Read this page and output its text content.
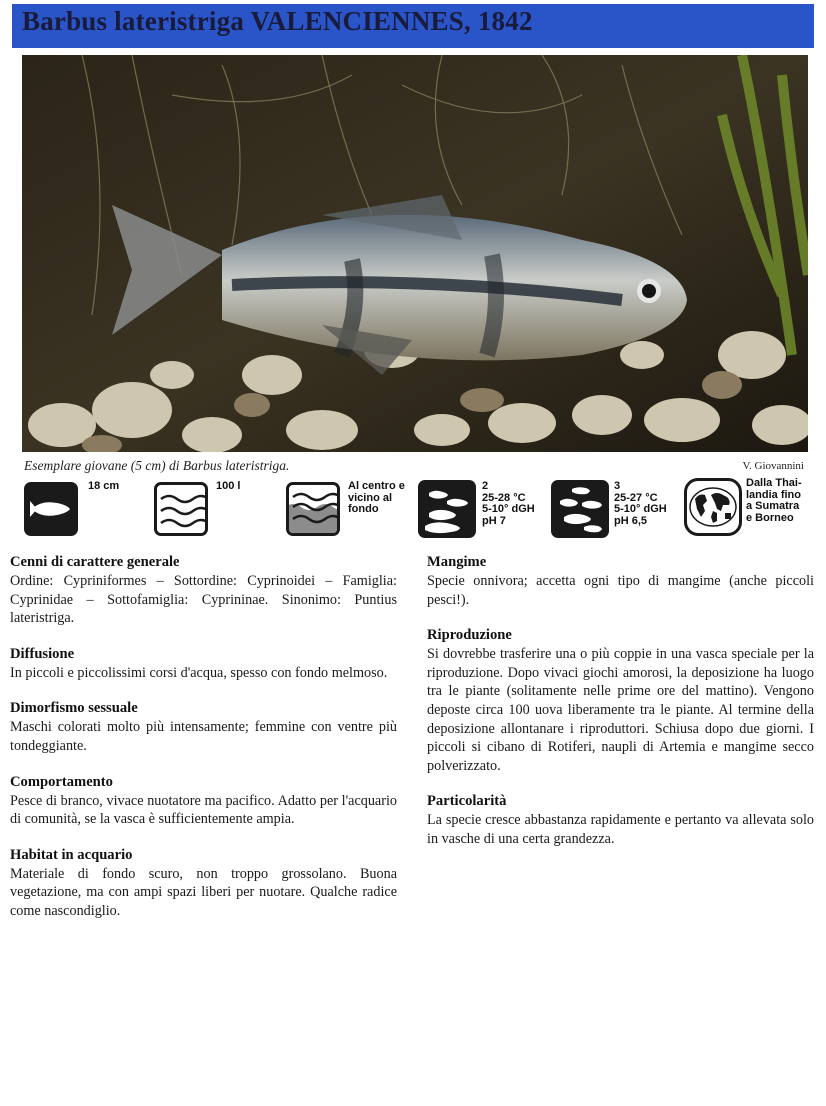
Barbus lateristriga VALENCIENNES, 1842
Esemplare giovane (5 cm) di Barbus lateristriga.	V. Giovannini
18 cm	100 l	Al centro e
vicino al
fondo
2
25-28 °C
5-10° dGH
pH 7
3
25-27 °C
5-10° dGH
pH 6,5
Dalla Thai-
landia fino
a Sumatra
e Borneo
Cenni di carattere generale

Ordine: Cypriniformes – Sottordine: Cyprinoidei – Famiglia: Cyprinidae – Sottofamiglia: Cyprininae. Sinonimo: Puntius lateristriga.

Diffusione

In piccoli e piccolissimi corsi d'acqua, spesso con fondo melmoso.

Dimorfismo sessuale

Maschi colorati molto più intensamente; femmine con ventre più tondeggiante.

Comportamento

Pesce di branco, vivace nuotatore ma pacifico. Adatto per l'acquario di comunità, se la vasca è sufficientemente ampia.

Habitat in acquario

Materiale di fondo scuro, non troppo grossolano. Buona vegetazione, ma con ampi spazi liberi per nuotare. Qualche radice come nascondiglio.

Mangime

Specie onnivora; accetta ogni tipo di mangime (anche piccoli pesci!).

Riproduzione

Si dovrebbe trasferire una o più coppie in una vasca speciale per la riproduzione. Dopo vivaci giochi amorosi, la deposizione ha luogo tra le piante (solitamente nelle prime ore del mattino). Vengono deposte circa 100 uova liberamente tra le piante. Al termine della deposizione allontanare i riproduttori. Schiusa dopo due giorni. I piccoli si cibano di Rotiferi, naupli di Artemia e mangime secco polverizzato.

Particolarità

La specie cresce abbastanza rapidamente e pertanto va allevata solo in vasche di una certa grandezza.
